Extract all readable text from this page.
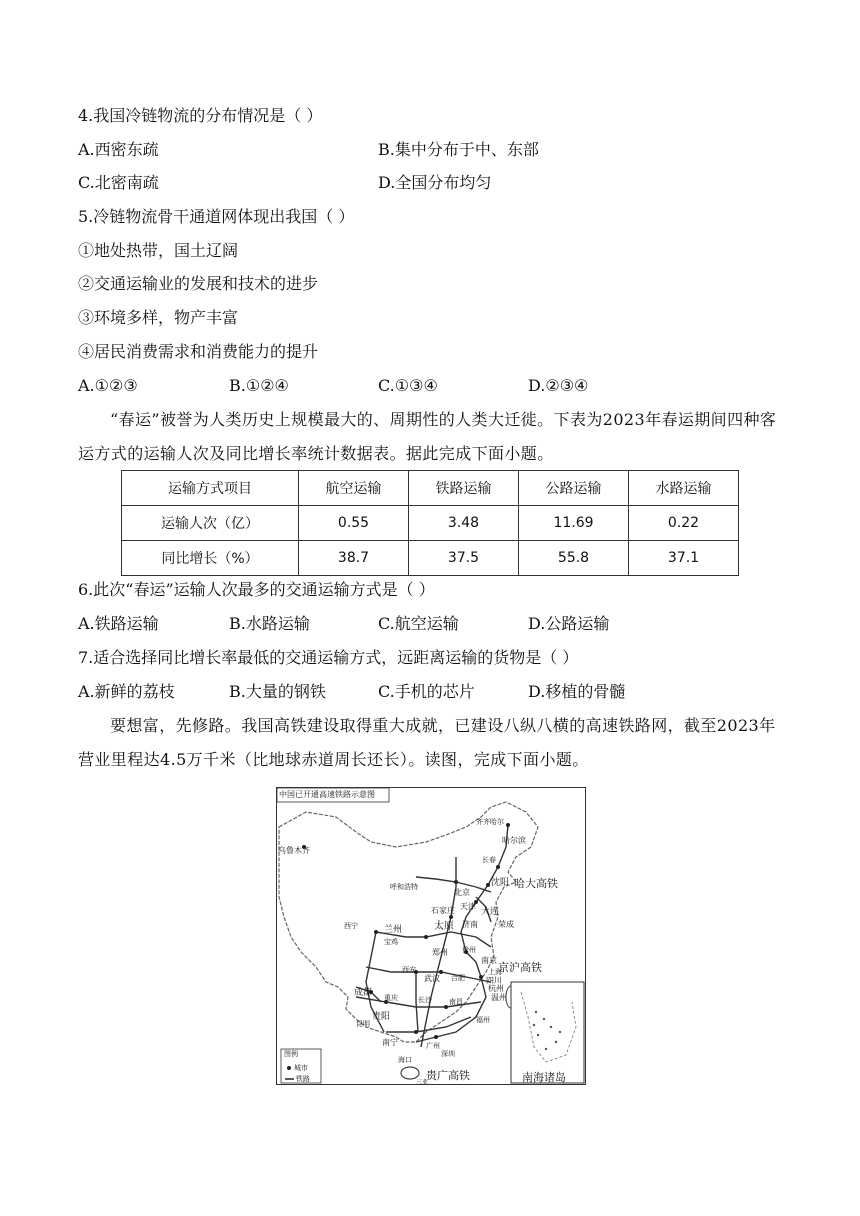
4.我国冷链物流的分布情况是（ ）
A.西密东疏	B.集中分布于中、东部
C.北密南疏	D.全国分布均匀
5.冷链物流骨干通道网体现出我国（ ）
①地处热带，国土辽阔
②交通运输业的发展和技术的进步
③环境多样，物产丰富
④居民消费需求和消费能力的提升
A.①②③	B.①②④	C.①③④	D.②③④
“春运”被誉为人类历史上规模最大的、周期性的人类大迁徙。下表为2023年春运期间四种客运方式的运输人次及同比增长率统计数据表。据此完成下面小题。
运输方式项目	航空运输	铁路运输	公路运输	水路运输
运输人次（亿）	0.55	3.48	11.69	0.22
同比增长（%）	38.7	37.5	55.8	37.1
6.此次“春运”运输人次最多的交通运输方式是（ ）
A.铁路运输	B.水路运输	C.航空运输	D.公路运输
7.适合选择同比增长率最低的交通运输方式，远距离运输的货物是（ ）
A.新鲜的荔枝	B.大量的钢铁	C.手机的芯片	D.移植的骨髓
要想富，先修路。我国高铁建设取得重大成就，已建设八纵八横的高速铁路网，截至2023年营业里程达4.5万千米（比地球赤道周长还长）。读图，完成下面小题。
中国已开通高速铁路示意图
乌鲁木齐
齐齐哈尔
哈尔滨
长春
沈阳
呼和浩特
北京
天津
大连
石家庄
太原 济南	荣成
兰州
西宁
宝鸡
郑州 徐州
南京
上海
西安
武汉 合肥
杭州
成都 重庆	长沙 南昌
福州
贵阳
昆明
南宁	广州
深圳
海口
三亚
温州
四川
哈大高铁
京沪高铁
贵广高铁
图例
城市
铁路	南海诸岛
